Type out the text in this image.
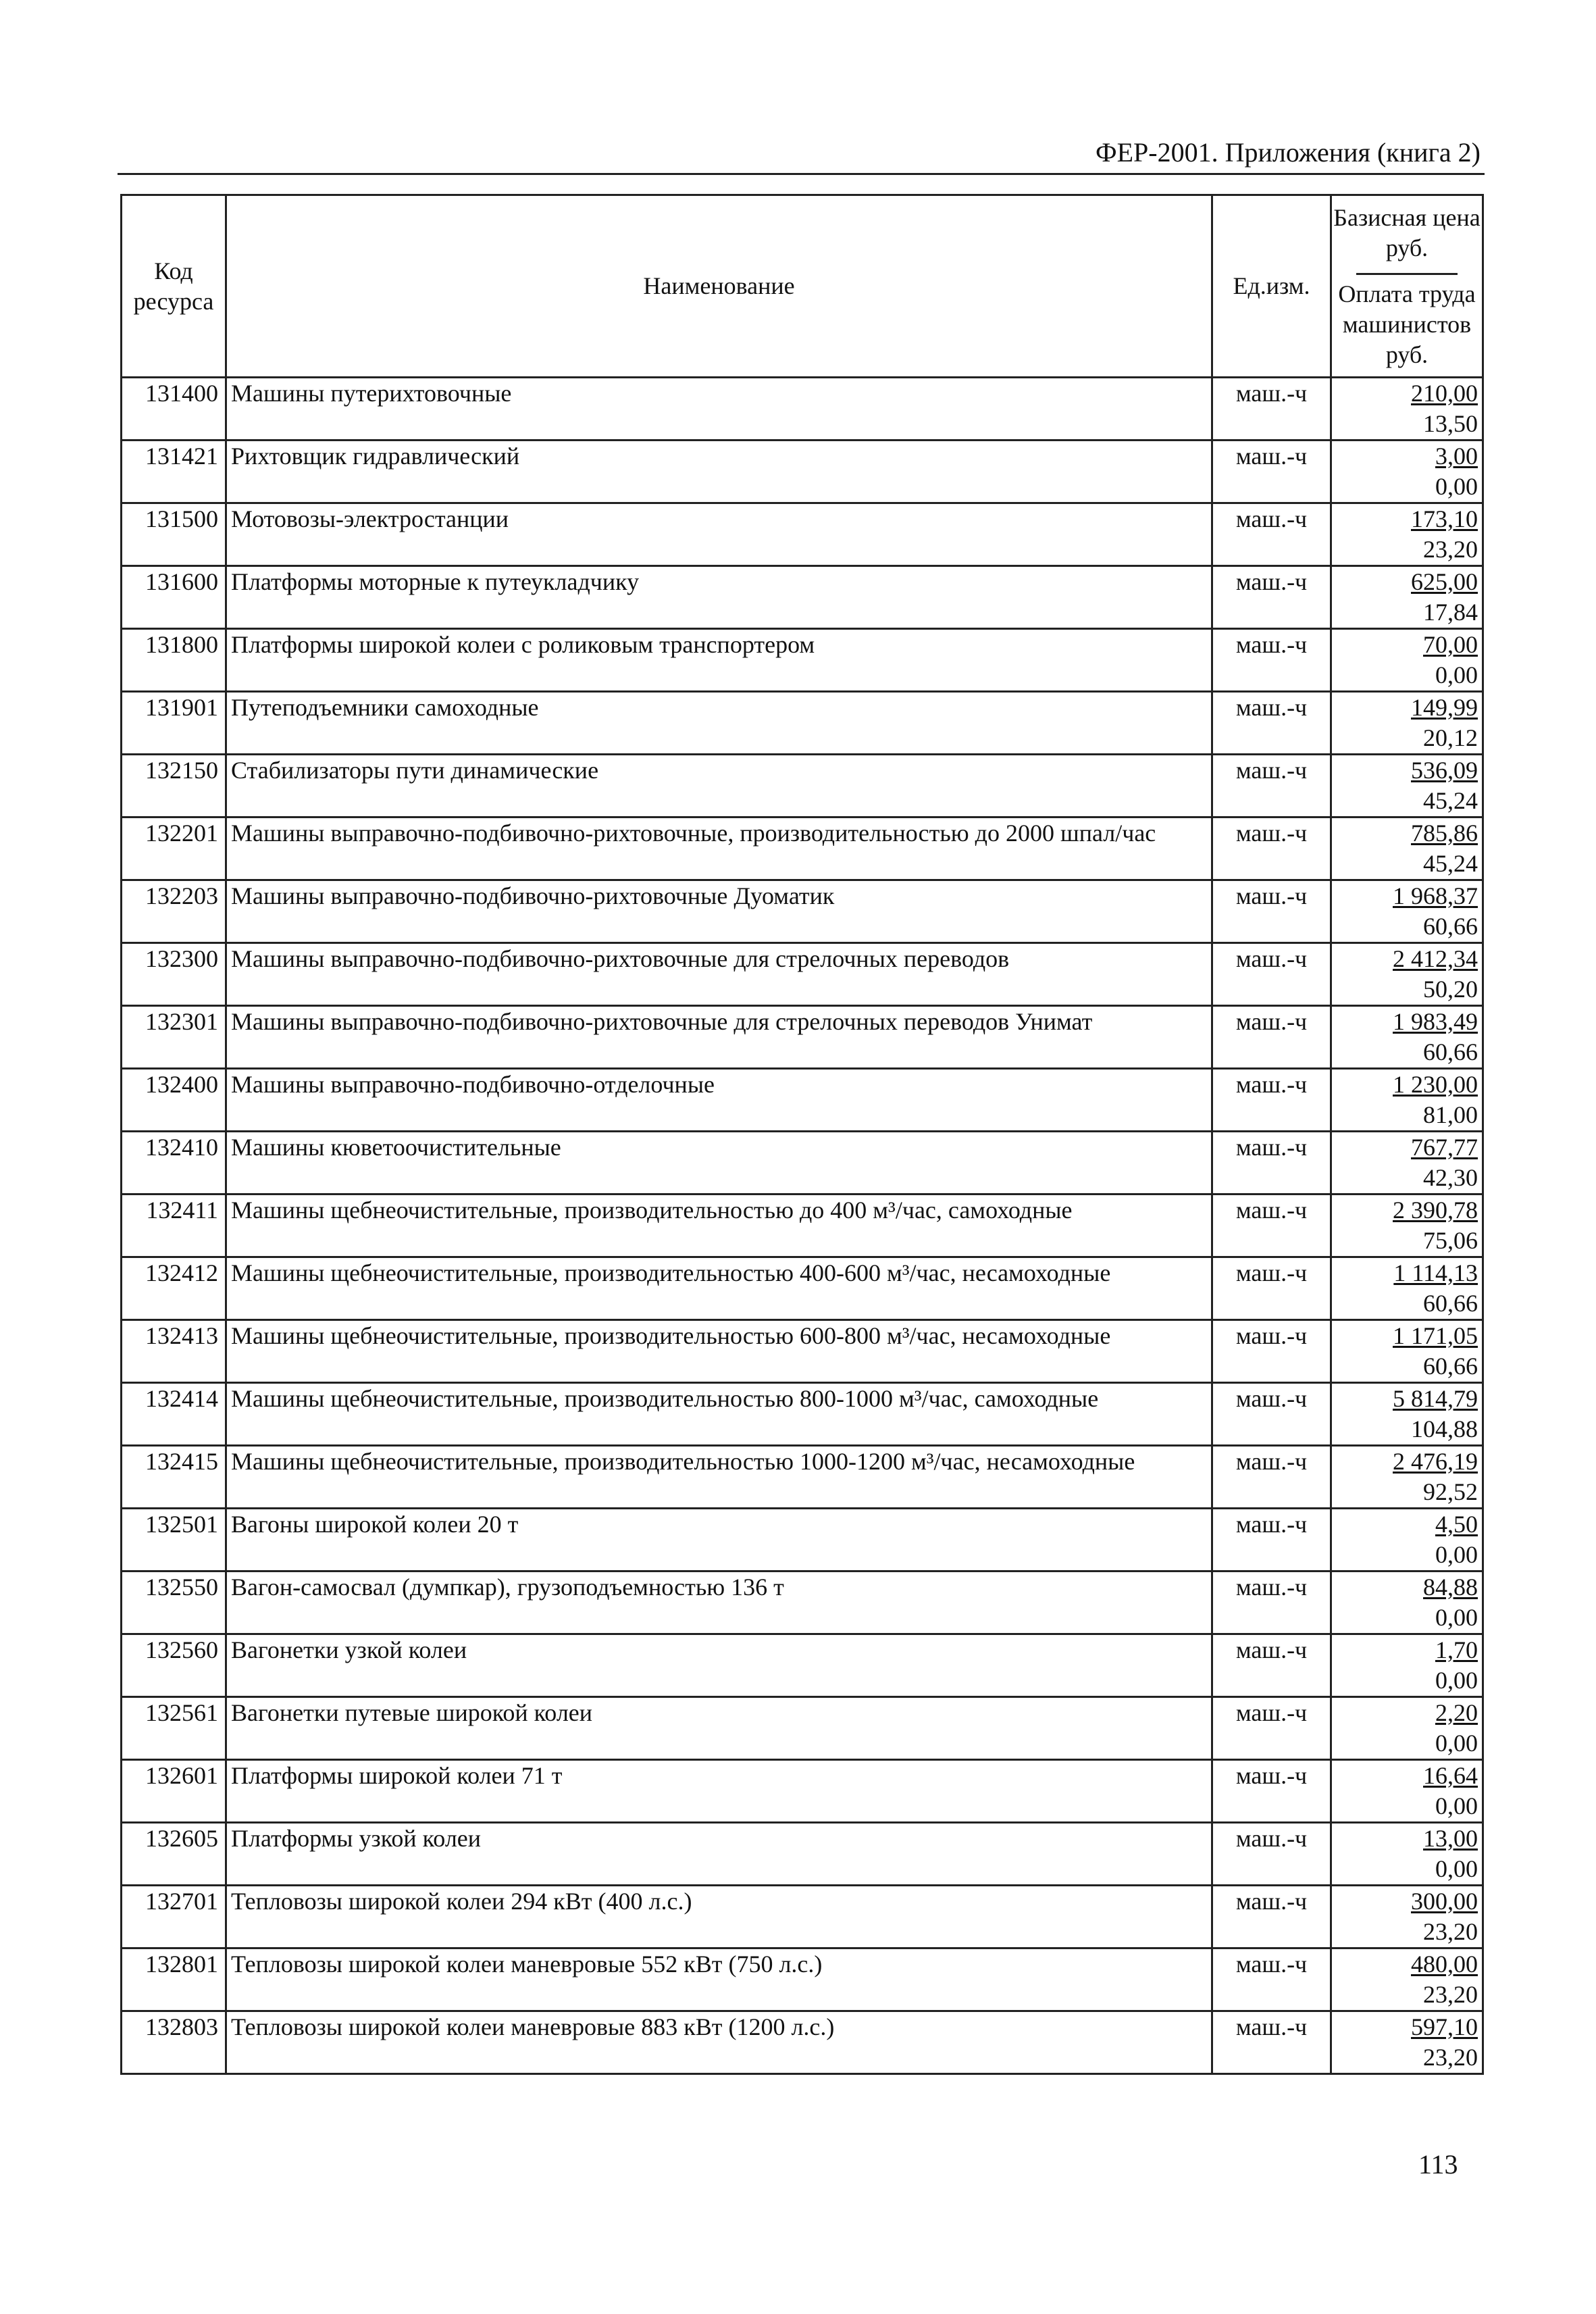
ФЕР-2001. Приложения (книга 2)
Код ресурса	Наименование	Ед.изм.	Базисная цена руб.
Оплата труда машинистов руб.

131400	Машины путерихтовочные	маш.-ч	210,00
13,50

131421	Рихтовщик гидравлический	маш.-ч	3,00
0,00

131500	Мотовозы-электростанции	маш.-ч	173,10
23,20

131600	Платформы моторные к путеукладчику	маш.-ч	625,00
17,84

131800	Платформы широкой колеи с роликовым транспортером	маш.-ч	70,00
0,00

131901	Путеподъемники самоходные	маш.-ч	149,99
20,12

132150	Стабилизаторы пути динамические	маш.-ч	536,09
45,24

132201	Машины выправочно-подбивочно-рихтовочные, производительностью до 2000 шпал/час	маш.-ч	785,86
45,24

132203	Машины выправочно-подбивочно-рихтовочные Дуоматик	маш.-ч	1 968,37
60,66

132300	Машины выправочно-подбивочно-рихтовочные для стрелочных переводов	маш.-ч	2 412,34
50,20

132301	Машины выправочно-подбивочно-рихтовочные для стрелочных переводов Унимат	маш.-ч	1 983,49
60,66

132400	Машины выправочно-подбивочно-отделочные	маш.-ч	1 230,00
81,00

132410	Машины кюветоочистительные	маш.-ч	767,77
42,30

132411	Машины щебнеочистительные, производительностью до 400 м³/час, самоходные	маш.-ч	2 390,78
75,06

132412	Машины щебнеочистительные, производительностью 400-600 м³/час, несамоходные	маш.-ч	1 114,13
60,66

132413	Машины щебнеочистительные, производительностью 600-800 м³/час, несамоходные	маш.-ч	1 171,05
60,66

132414	Машины щебнеочистительные, производительностью 800-1000 м³/час, самоходные	маш.-ч	5 814,79
104,88

132415	Машины щебнеочистительные, производительностью 1000-1200 м³/час, несамоходные	маш.-ч	2 476,19
92,52

132501	Вагоны широкой колеи 20 т	маш.-ч	4,50
0,00

132550	Вагон-самосвал (думпкар), грузоподъемностью 136 т	маш.-ч	84,88
0,00

132560	Вагонетки узкой колеи	маш.-ч	1,70
0,00

132561	Вагонетки путевые широкой колеи	маш.-ч	2,20
0,00

132601	Платформы широкой колеи 71 т	маш.-ч	16,64
0,00

132605	Платформы узкой колеи	маш.-ч	13,00
0,00

132701	Тепловозы широкой колеи 294 кВт (400 л.с.)	маш.-ч	300,00
23,20

132801	Тепловозы широкой колеи маневровые 552 кВт (750 л.с.)	маш.-ч	480,00
23,20

132803	Тепловозы широкой колеи маневровые 883 кВт (1200 л.с.)	маш.-ч	597,10
23,20
113
